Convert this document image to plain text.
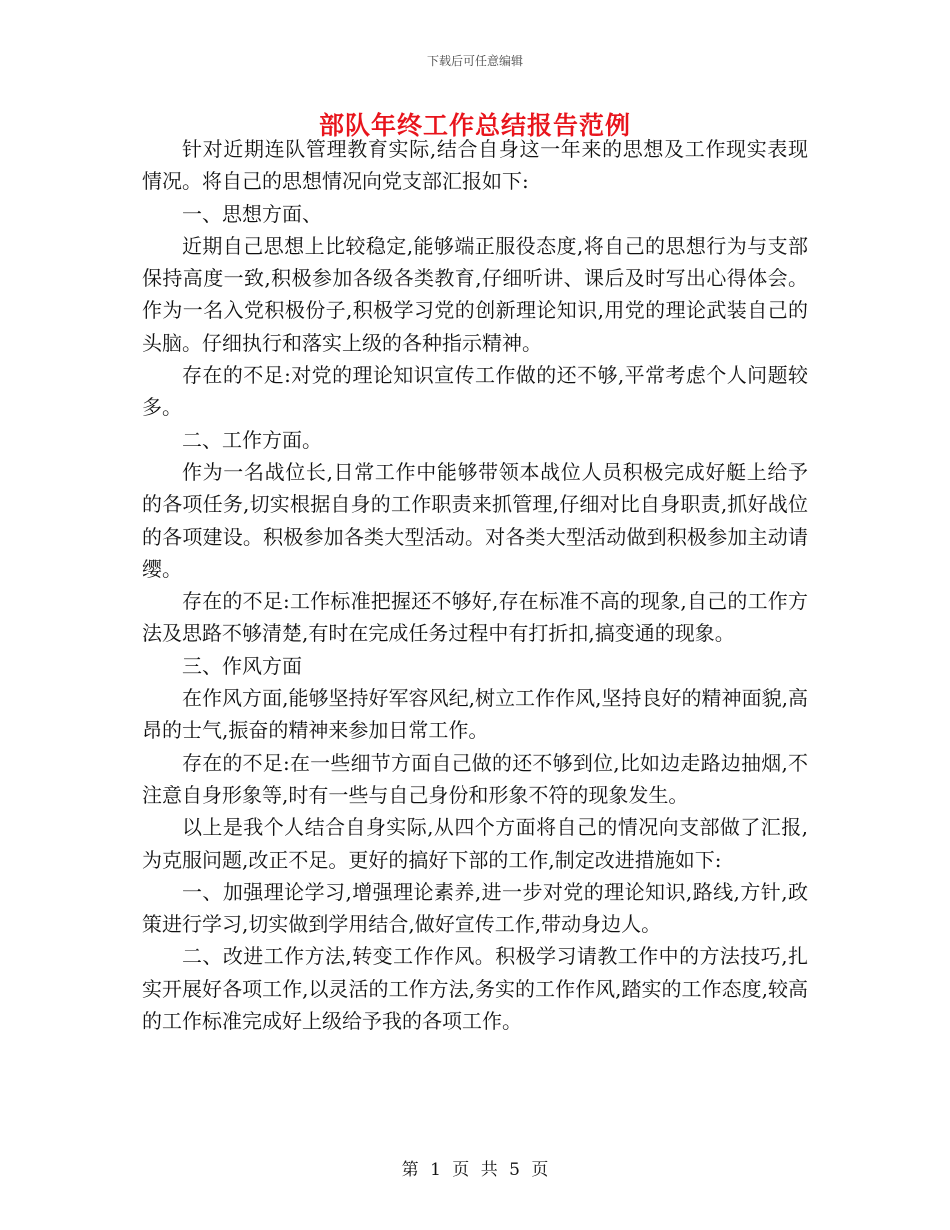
下载后可任意编辑
部队年终工作总结报告范例

针对近期连队管理教育实际,结合自身这一年来的思想及工作现实表现情况。将自己的思想情况向党支部汇报如下:

一、思想方面、

近期自己思想上比较稳定,能够端正服役态度,将自己的思想行为与支部保持高度一致,积极参加各级各类教育,仔细听讲、课后及时写出心得体会。作为一名入党积极份子,积极学习党的创新理论知识,用党的理论武装自己的头脑。仔细执行和落实上级的各种指示精神。

存在的不足:对党的理论知识宣传工作做的还不够,平常考虑个人问题较多。

二、工作方面。

作为一名战位长,日常工作中能够带领本战位人员积极完成好艇上给予的各项任务,切实根据自身的工作职责来抓管理,仔细对比自身职责,抓好战位的各项建设。积极参加各类大型活动。对各类大型活动做到积极参加主动请缨。

存在的不足:工作标准把握还不够好,存在标准不高的现象,自己的工作方法及思路不够清楚,有时在完成任务过程中有打折扣,搞变通的现象。

三、作风方面

在作风方面,能够坚持好军容风纪,树立工作作风,坚持良好的精神面貌,高昂的士气,振奋的精神来参加日常工作。

存在的不足:在一些细节方面自己做的还不够到位,比如边走路边抽烟,不注意自身形象等,时有一些与自己身份和形象不符的现象发生。

以上是我个人结合自身实际,从四个方面将自己的情况向支部做了汇报,为克服问题,改正不足。更好的搞好下部的工作,制定改进措施如下:

一、加强理论学习,增强理论素养,进一步对党的理论知识,路线,方针,政策进行学习,切实做到学用结合,做好宣传工作,带动身边人。

二、改进工作方法,转变工作作风。积极学习请教工作中的方法技巧,扎实开展好各项工作,以灵活的工作方法,务实的工作作风,踏实的工作态度,较高的工作标准完成好上级给予我的各项工作。

第 1 页 共 5 页
